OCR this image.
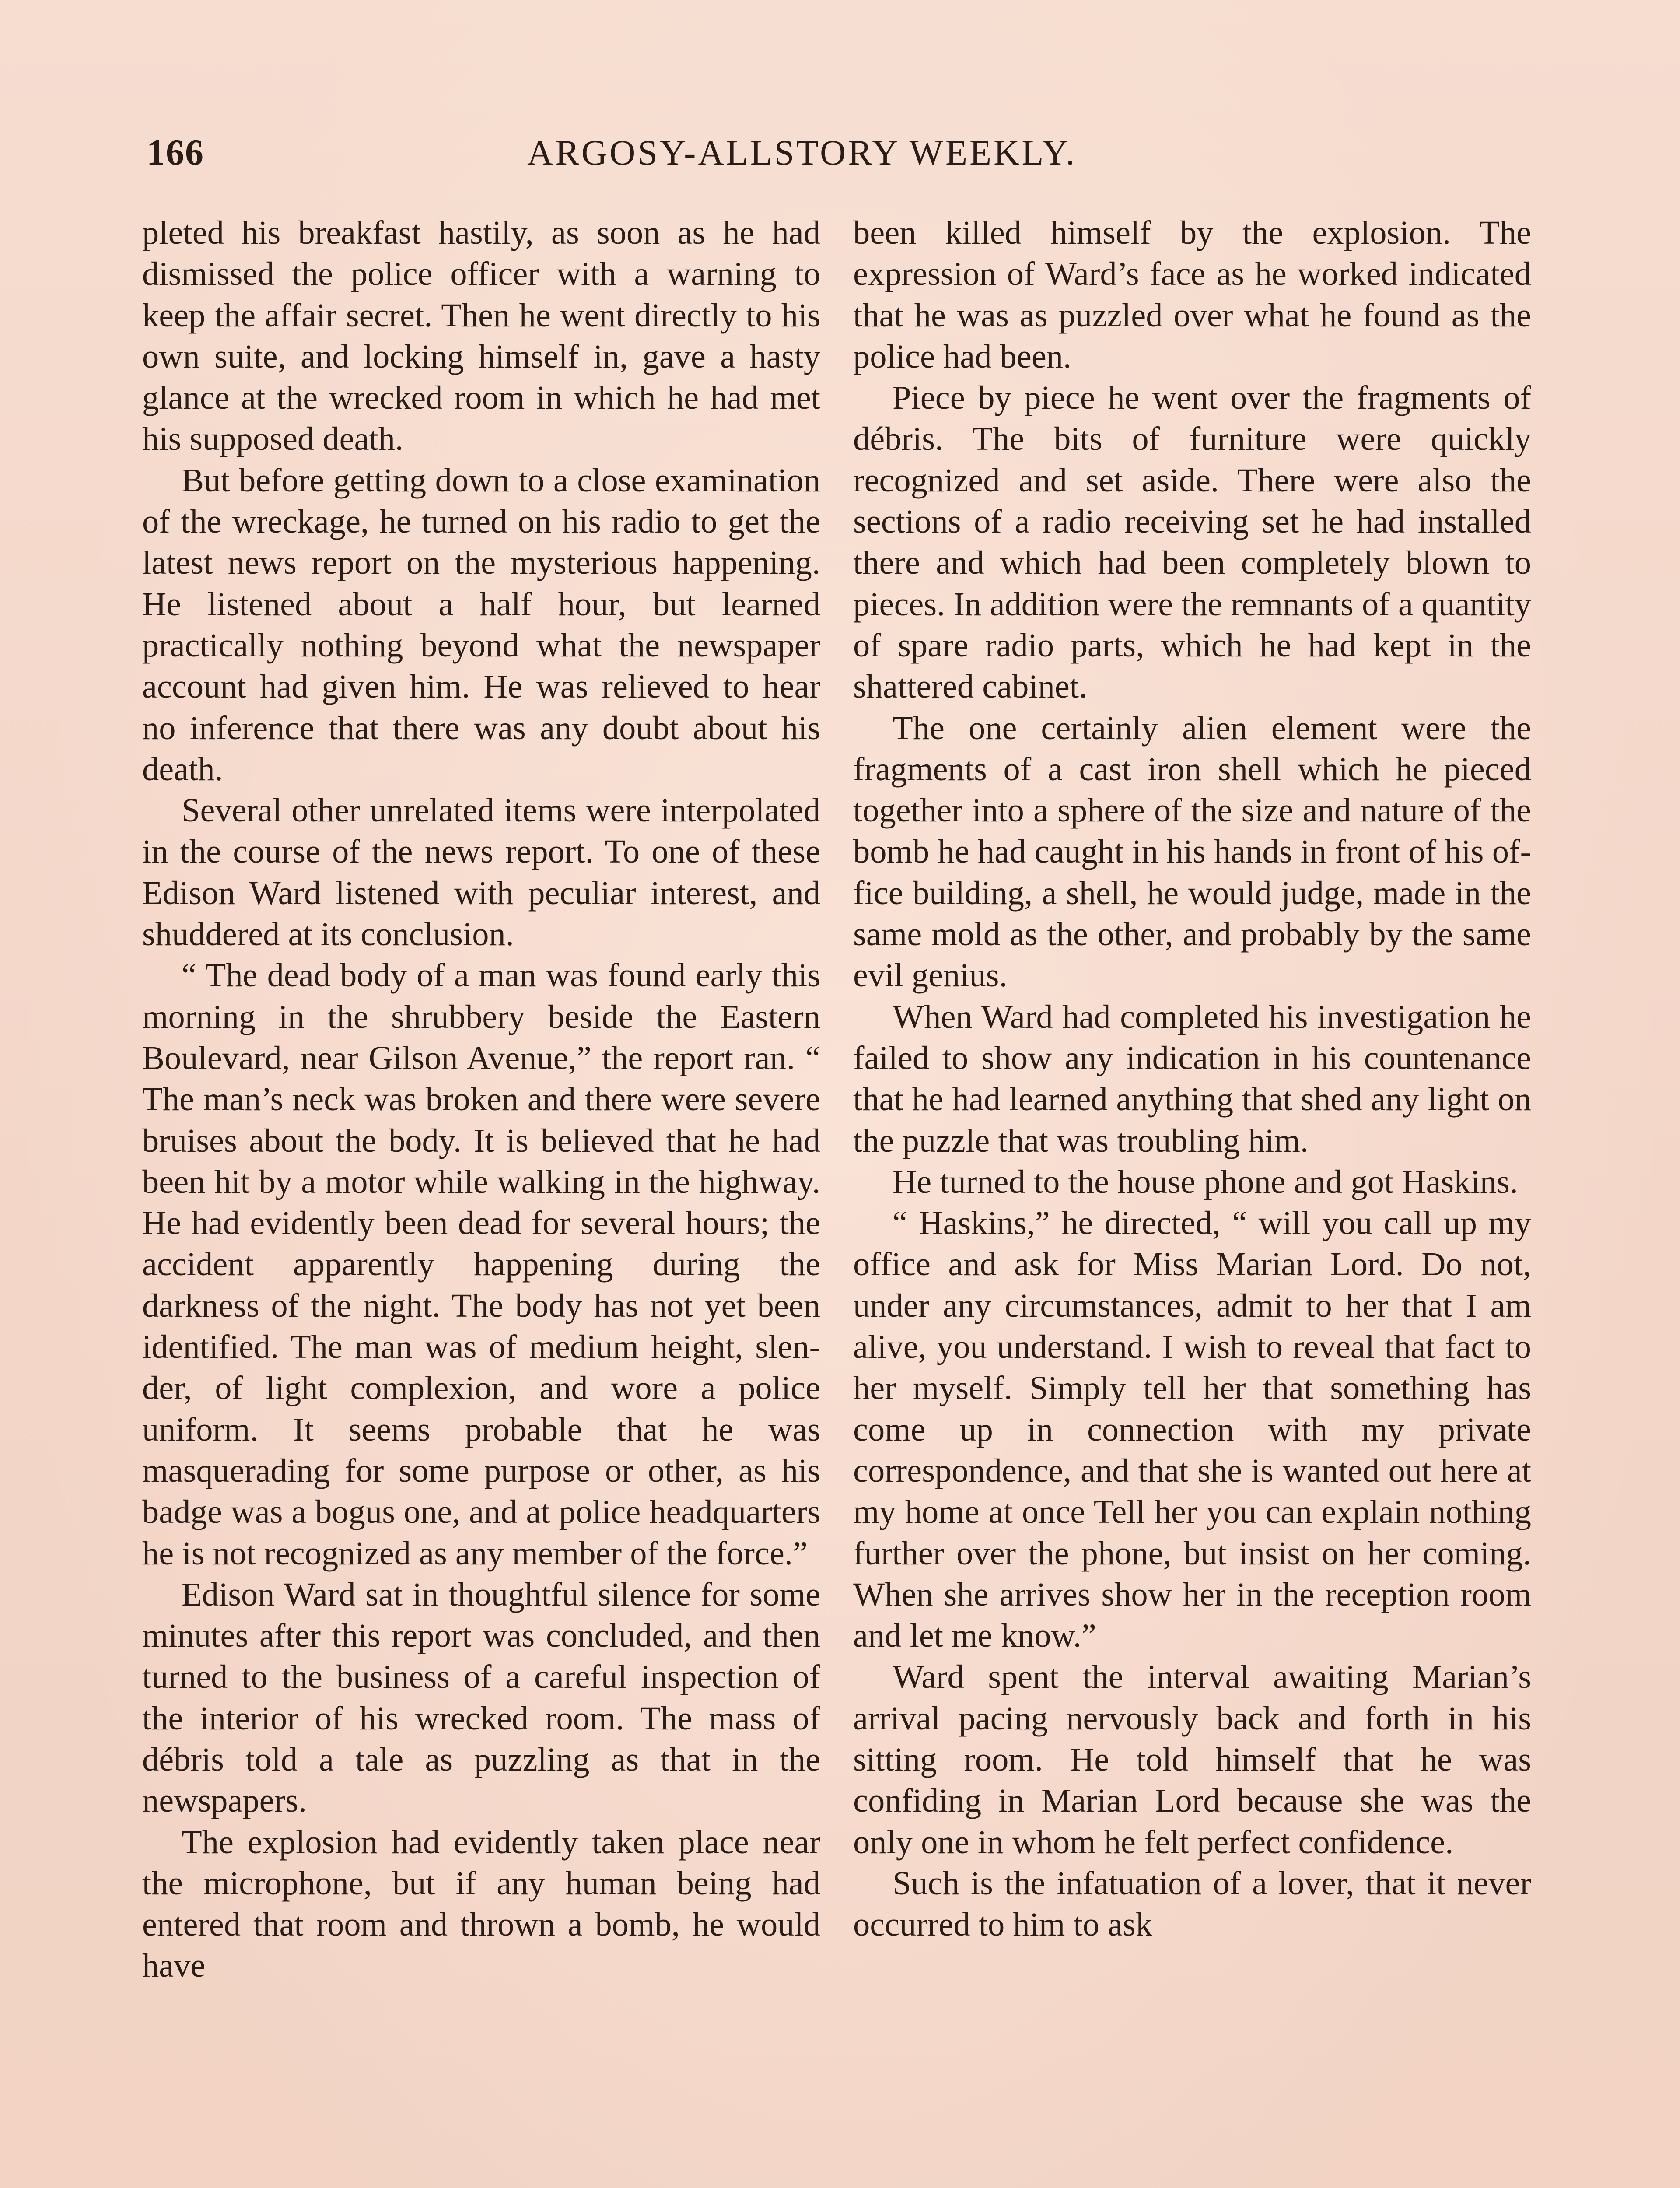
166	ARGOSY-ALLSTORY WEEKLY.

pleted his breakfast hastily, as soon as he had dismissed the police officer with a warning to keep the affair secret. Then he went directly to his own suite, and locking himself in, gave a hasty glance at the wrecked room in which he had met his supposed death.

But before getting down to a close examination of the wreckage, he turned on his radio to get the latest news report on the mysterious happening. He listened about a half hour, but learned practically nothing beyond what the newspaper account had given him. He was relieved to hear no inference that there was any doubt about his death.

Several other unrelated items were interpolated in the course of the news report. To one of these Edison Ward listened with peculiar interest, and shuddered at its conclusion.

“ The dead body of a man was found early this morning in the shrubbery beside the Eastern Boulevard, near Gilson Avenue,” the report ran. “ The man’s neck was broken and there were severe bruises about the body. It is believed that he had been hit by a motor while walking in the highway. He had evidently been dead for several hours; the accident apparently happening during the darkness of the night. The body has not yet been identified. The man was of medium height, slender, of light complexion, and wore a police uniform. It seems probable that he was masquerading for some purpose or other, as his badge was a bogus one, and at police headquarters he is not recognized as any member of the force.”

Edison Ward sat in thoughtful silence for some minutes after this report was concluded, and then turned to the business of a careful inspection of the interior of his wrecked room. The mass of débris told a tale as puzzling as that in the newspapers.

The explosion had evidently taken place near the microphone, but if any human being had entered that room and thrown a bomb, he would have

been killed himself by the explosion. The expression of Ward’s face as he worked indicated that he was as puzzled over what he found as the police had been.

Piece by piece he went over the fragments of débris. The bits of furniture were quickly recognized and set aside. There were also the sections of a radio receiving set he had installed there and which had been completely blown to pieces. In addition were the remnants of a quantity of spare radio parts, which he had kept in the shattered cabinet.

The one certainly alien element were the fragments of a cast iron shell which he pieced together into a sphere of the size and nature of the bomb he had caught in his hands in front of his office building, a shell, he would judge, made in the same mold as the other, and probably by the same evil genius.

When Ward had completed his investigation he failed to show any indication in his countenance that he had learned anything that shed any light on the puzzle that was troubling him.

He turned to the house phone and got Haskins.

“ Haskins,” he directed, “ will you call up my office and ask for Miss Marian Lord. Do not, under any circumstances, admit to her that I am alive, you understand. I wish to reveal that fact to her myself. Simply tell her that something has come up in connection with my private correspondence, and that she is wanted out here at my home at once Tell her you can explain nothing further over the phone, but insist on her coming. When she arrives show her in the reception room and let me know.”

Ward spent the interval awaiting Marian’s arrival pacing nervously back and forth in his sitting room. He told himself that he was confiding in Marian Lord because she was the only one in whom he felt perfect confidence.

Such is the infatuation of a lover, that it never occurred to him to ask
